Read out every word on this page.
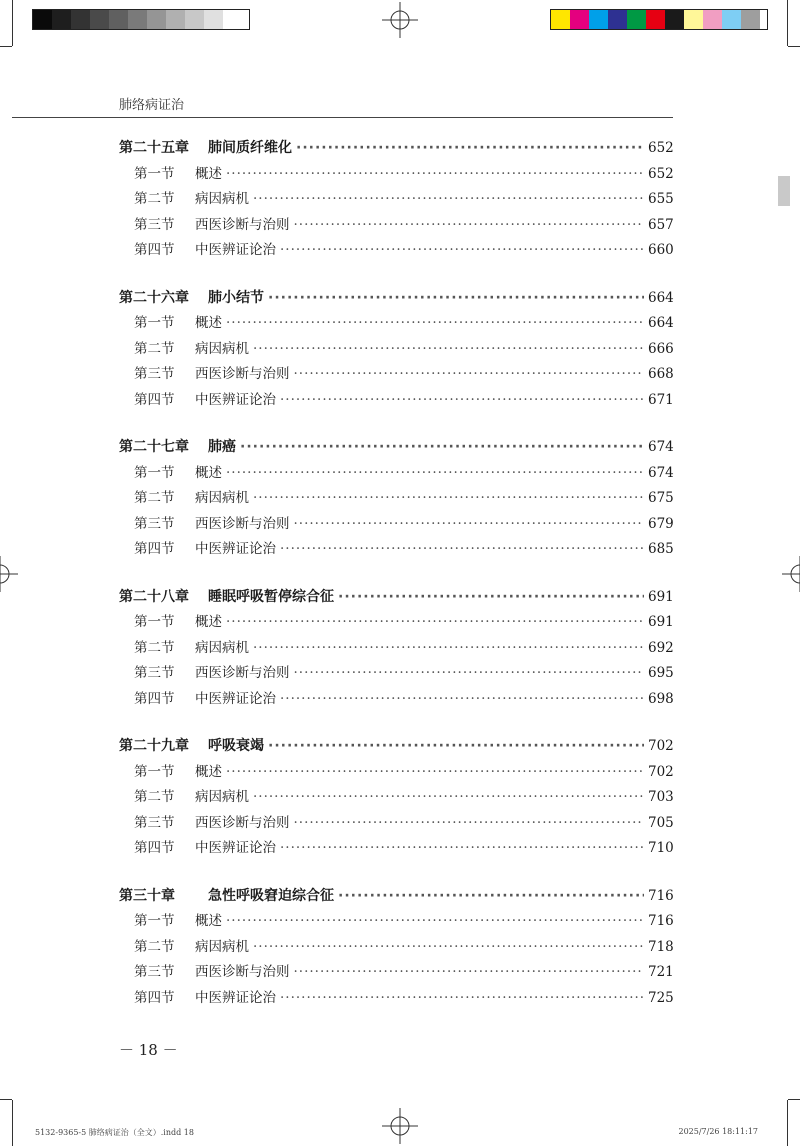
肺络病证治
第二十五章	肺间质纤维化 ·····	652
第一节	概述 ·····	652
第二节	病因病机 ·····	655
第三节	西医诊断与治则 ·····	657
第四节	中医辨证论治 ·····	660
第二十六章	肺小结节 ·····	664
第一节	概述 ·····	664
第二节	病因病机 ·····	666
第三节	西医诊断与治则 ·····	668
第四节	中医辨证论治 ·····	671
第二十七章	肺癌 ·····	674
第一节	概述 ·····	674
第二节	病因病机 ·····	675
第三节	西医诊断与治则 ·····	679
第四节	中医辨证论治 ·····	685
第二十八章	睡眠呼吸暂停综合征 ·····	691
第一节	概述 ·····	691
第二节	病因病机 ·····	692
第三节	西医诊断与治则 ·····	695
第四节	中医辨证论治 ·····	698
第二十九章	呼吸衰竭 ·····	702
第一节	概述 ·····	702
第二节	病因病机 ·····	703
第三节	西医诊断与治则 ·····	705
第四节	中医辨证论治 ·····	710
第三十章	急性呼吸窘迫综合征 ·····	716
第一节	概述 ·····	716
第二节	病因病机 ·····	718
第三节	西医诊断与治则 ·····	721
第四节	中医辨证论治 ·····	725
－ 18 －
5132-9365-5 肺络病证治（全文）.indd 18	2025/7/26 18:11:17
